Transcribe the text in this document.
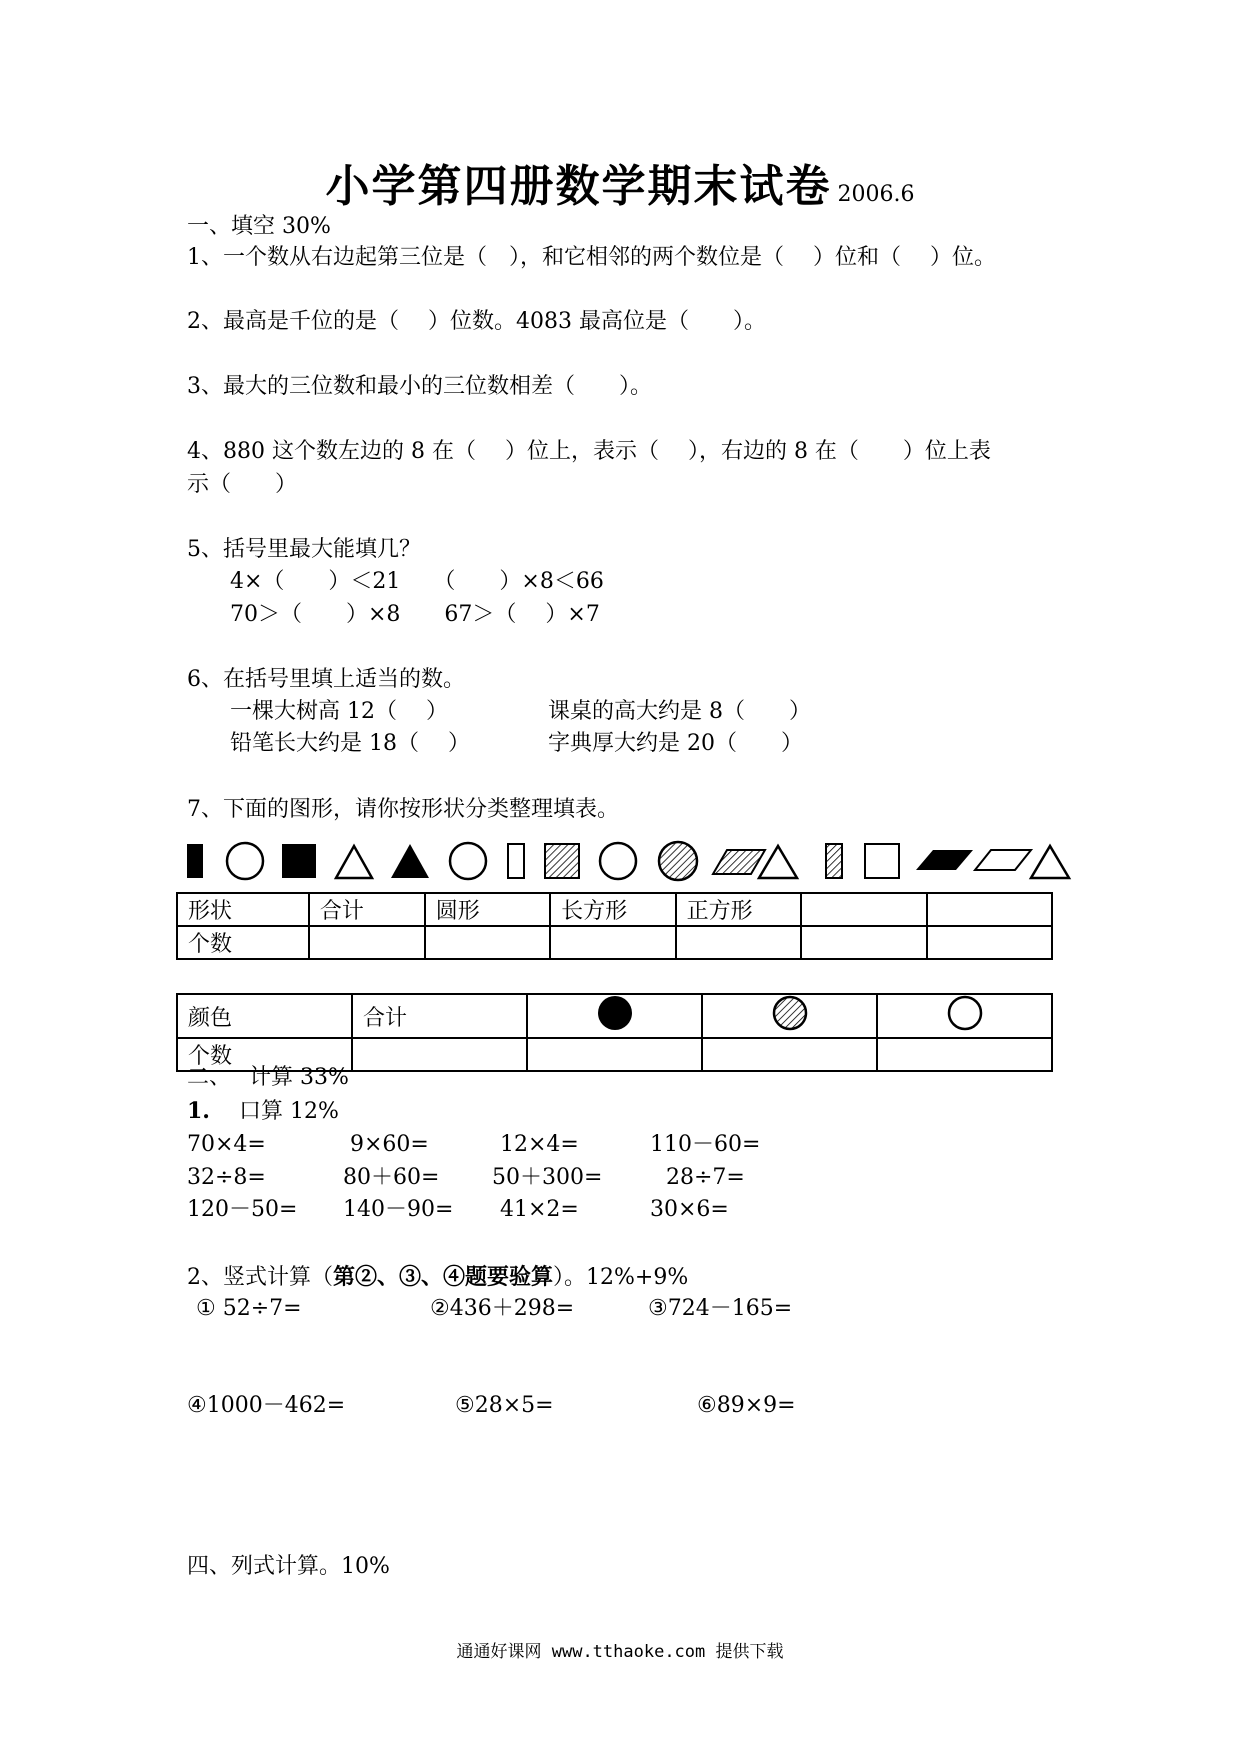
小学第四册数学期末试卷 2006.6
一、填空 30%
1、一个数从右边起第三位是（　），和它相邻的两个数位是（　 ）位和（　 ）位。
2、最高是千位的是（　 ）位数。4083 最高位是（　　）。
3、最大的三位数和最小的三位数相差（　　）。
4、880 这个数左边的 8 在（　 ）位上，表示（　 ），右边的 8 在（　　）位上表
示（　　）
5、括号里最大能填几？
4×（　　）＜21　　（　　）×8＜66
70＞（　　）×8　　67＞（　 ）×7
6、在括号里填上适当的数。
一棵大树高 12（　 ）	课桌的高大约是 8（　　）
铅笔长大约是 18（　 ）	字典厚大约是 20（　　）
7、下面的图形，请你按形状分类整理填表。
形状	合计	圆形	长方形	正方形		
个数						
颜色	合计			
个数				
二、　 计算 33%
1.　 口算 12%
70×4=	9×60=	12×4=	110－60=
32÷8=	80＋60= 50＋300=	28÷7=
120－50= 140－90= 41×2=	30×6=
2、竖式计算（第②、③、④题要验算）。12%+9%
① 52÷7=	②436＋298=	③724－165=
④1000－462=	⑤28×5=	⑥89×9=
四、列式计算。10%
通通好课网 www.tthaoke.com 提供下载
